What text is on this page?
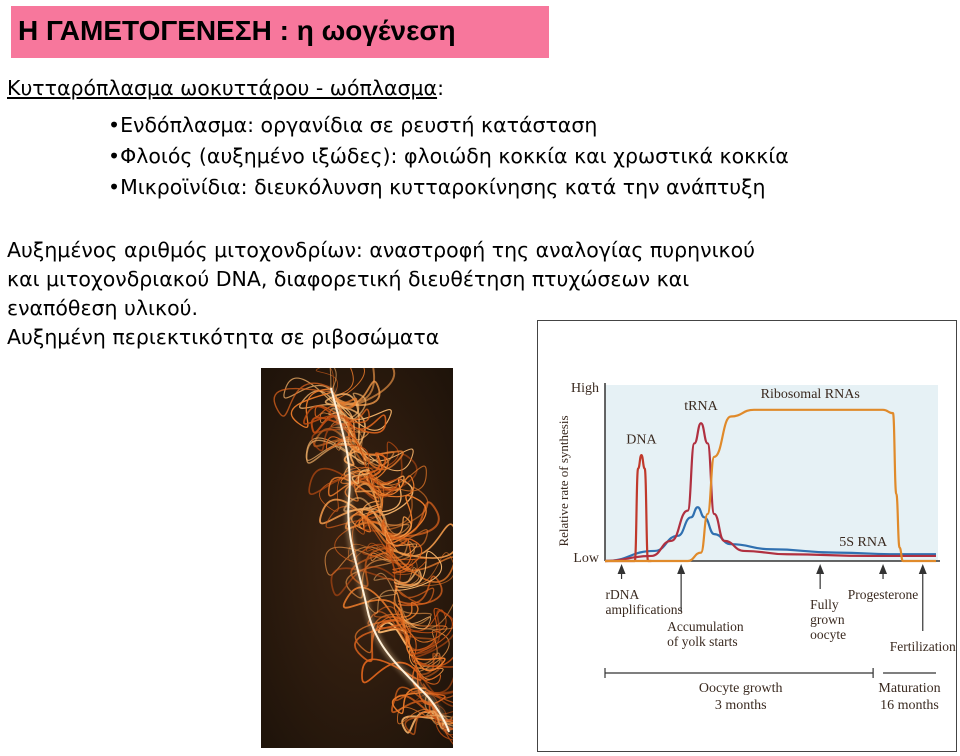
Η ΓΑΜΕΤΟΓΕΝΕΣΗ : η ωογένεση
Κυτταρόπλασμα ωοκυττάρου - ωόπλασμα:
• Ενδόπλασμα: οργανίδια σε ρευστή κατάσταση
• Φλοιός (αυξημένο ιξώδες): φλοιώδη κοκκία και χρωστικά κοκκία
• Μικροϊνίδια: διευκόλυνση κυτταροκίνησης κατά την ανάπτυξη
Αυξημένος αριθμός μιτοχονδρίων: αναστροφή της αναλογίας πυρηνικού
και μιτοχονδριακού DNA, διαφορετική διευθέτηση πτυχώσεων και
εναπόθεση υλικού.
Αυξημένη περιεκτικότητα σε ριβοσώματα
Relative rate of synthesis
High
Low
DNA
tRNA
5S RNA
Ribosomal RNAs
rDNA
amplifications
Accumulation
of yolk starts
Fully
grown
oocyte
Progesterone
Fertilization
Oocyte growth
3 months
Maturation
16 months
